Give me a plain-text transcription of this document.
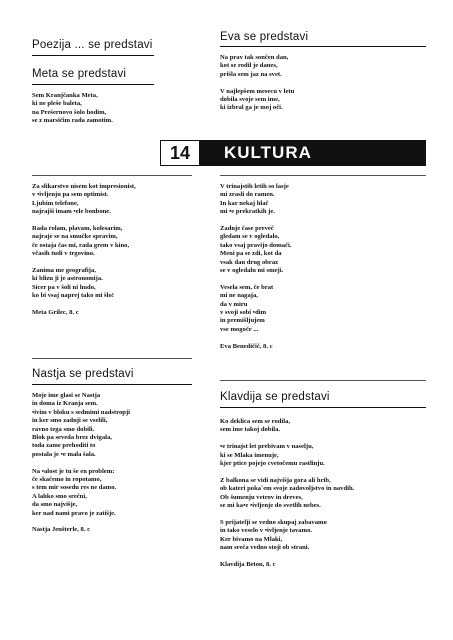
Poezija ... se predstavi
Meta se predstavi

Sem Kranjčanka Meta,
ki ne pleše baleta,
na Prešernovo šolo hodim,
se z marsičim rada zamotim.

Eva se predstavi

Na prav tak sončen dan,
kot se rodil je danes,
prišla sem jaz na svet.

V najlepšem mesecu v letu
dobila svoje sem ime,
ki izbral ga je moj oči.

14	KULTURA

Za slikarstvo nisem kot impresionist,
v •ivljenju pa sem optimist.
Ljubim telefone,
najrajši imam •ele bonbone.

Rada rolam, plavam, kolesarim,
najraje se na smučke spravim,
če ostaja čas mi, rada grem v kino,
včasih tudi v trgovino.

Zanima me geografija,
ki blizu ji je astronomija.
Sicer pa v šoli ni hudo,
ko bi vsaj naprej tako mi šlo!

Meta Grilec, 8. c

V trinajstih letih so lasje
mi zrasli do ramen.
In kar nekaj hlač
mi •e prekratkih je.

Zadnje čase preveč
gledam se v ogledalo,
tako vsaj pravijo domači.
Meni pa se zdi, kot da
vsak dan drug obraz
se v ogledalu mi smeji.

Vesela sem, če brat
mi ne nagaja,
da v miru
v svoji sobi •dim
in premišljujem
vse mogoče ...

Eva Benedičič, 8. c

Nastja se predstavi

Moje ime glasi se Nastja
in doma iz Kranja sem.
•ivim v bloku s sedmimi nadstropji
in ker smo zadnji se vselili,
ravno tega smo dobili.
Blok pa seveda brez dvigala,
toda zame prehoditi to
postala je •e mala šala.

Na •alost je tu še en problem:
če skačemo in ropotamo,
s tem mir sosedu res ne damo.
A lahko smo srečni,
da smo najvišje,
ker nad nami pravo je zatišje.

Nastja Jenšterle, 8. c

Klavdija se predstavi

Ko deklica sem se rodila,
sem ime takoj dobila.

•e trinajst let prebivam v naselju,
ki se Mlaka imenuje,
kjer ptice pojejo cvetočemu rastlinju.

Z balkona se vidi najvišja gora ali hrib,
ob kateri pokaˇem svoje zadovoljstvo in navdih.
Ob šumenju vetrov in dreves,
se mi ka•e •ivljenje do svetlih nebes.

S prijatelji se vedno skupaj zabavamo
in tako veselo v •ivljenje tavamo.
Ker bivamo na Mlaki,
nam sreča vedno stoji ob strani.

Klavdija Beton, 8. c
